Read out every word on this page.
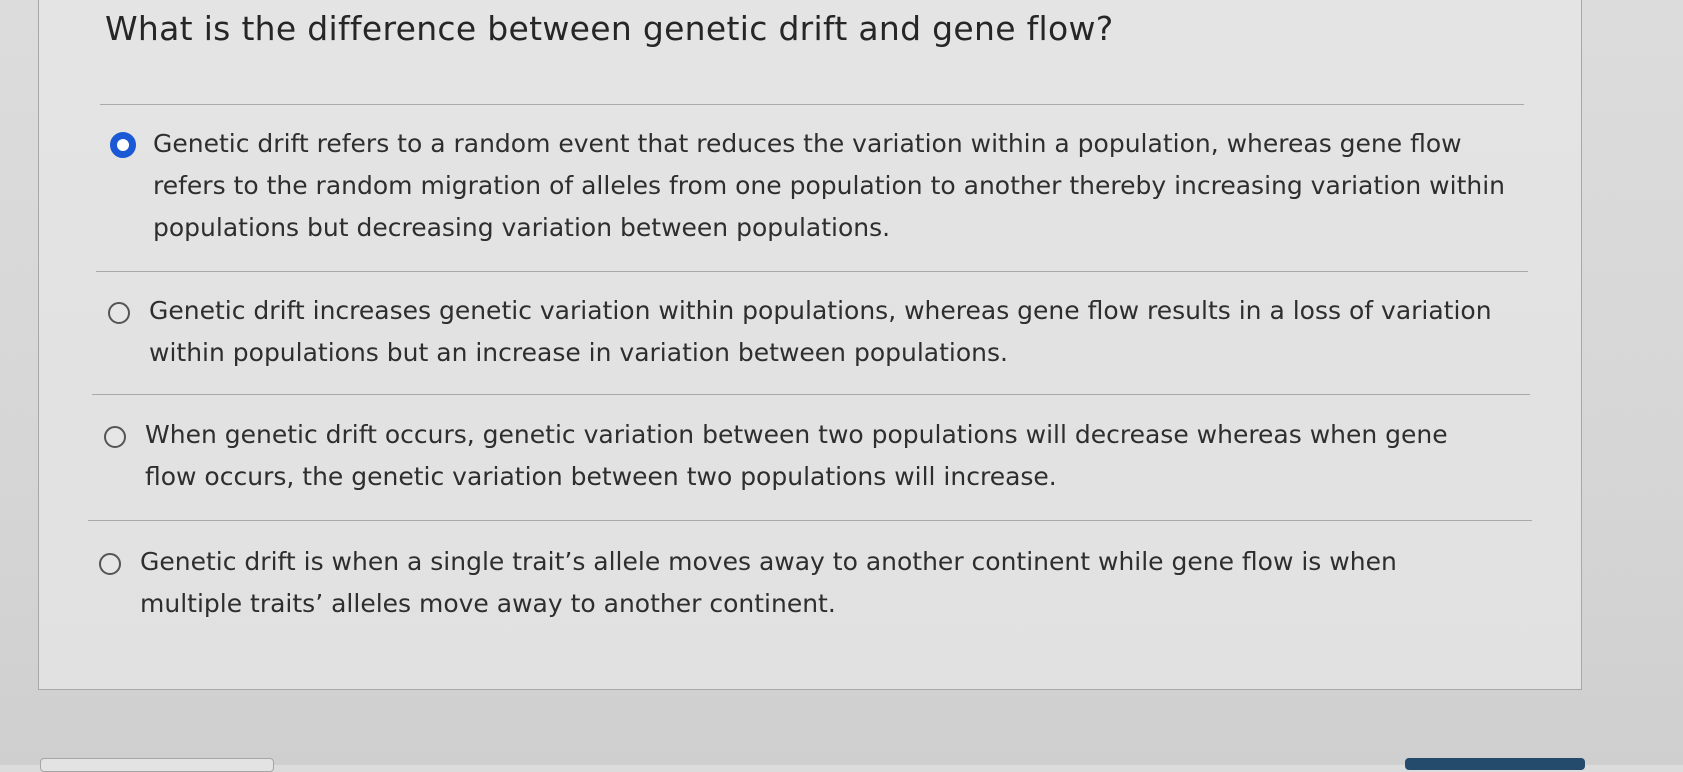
What is the difference between genetic drift and gene flow?
Genetic drift refers to a random event that reduces the variation within a population, whereas gene flow refers to the random migration of alleles from one population to another thereby increasing variation within populations but decreasing variation between populations.
Genetic drift increases genetic variation within populations, whereas gene flow results in a loss of variation within populations but an increase in variation between populations.
When genetic drift occurs, genetic variation between two populations will decrease whereas when gene flow occurs, the genetic variation between two populations will increase.
Genetic drift is when a single trait’s allele moves away to another continent while gene flow is when multiple traits’ alleles move away to another continent.
